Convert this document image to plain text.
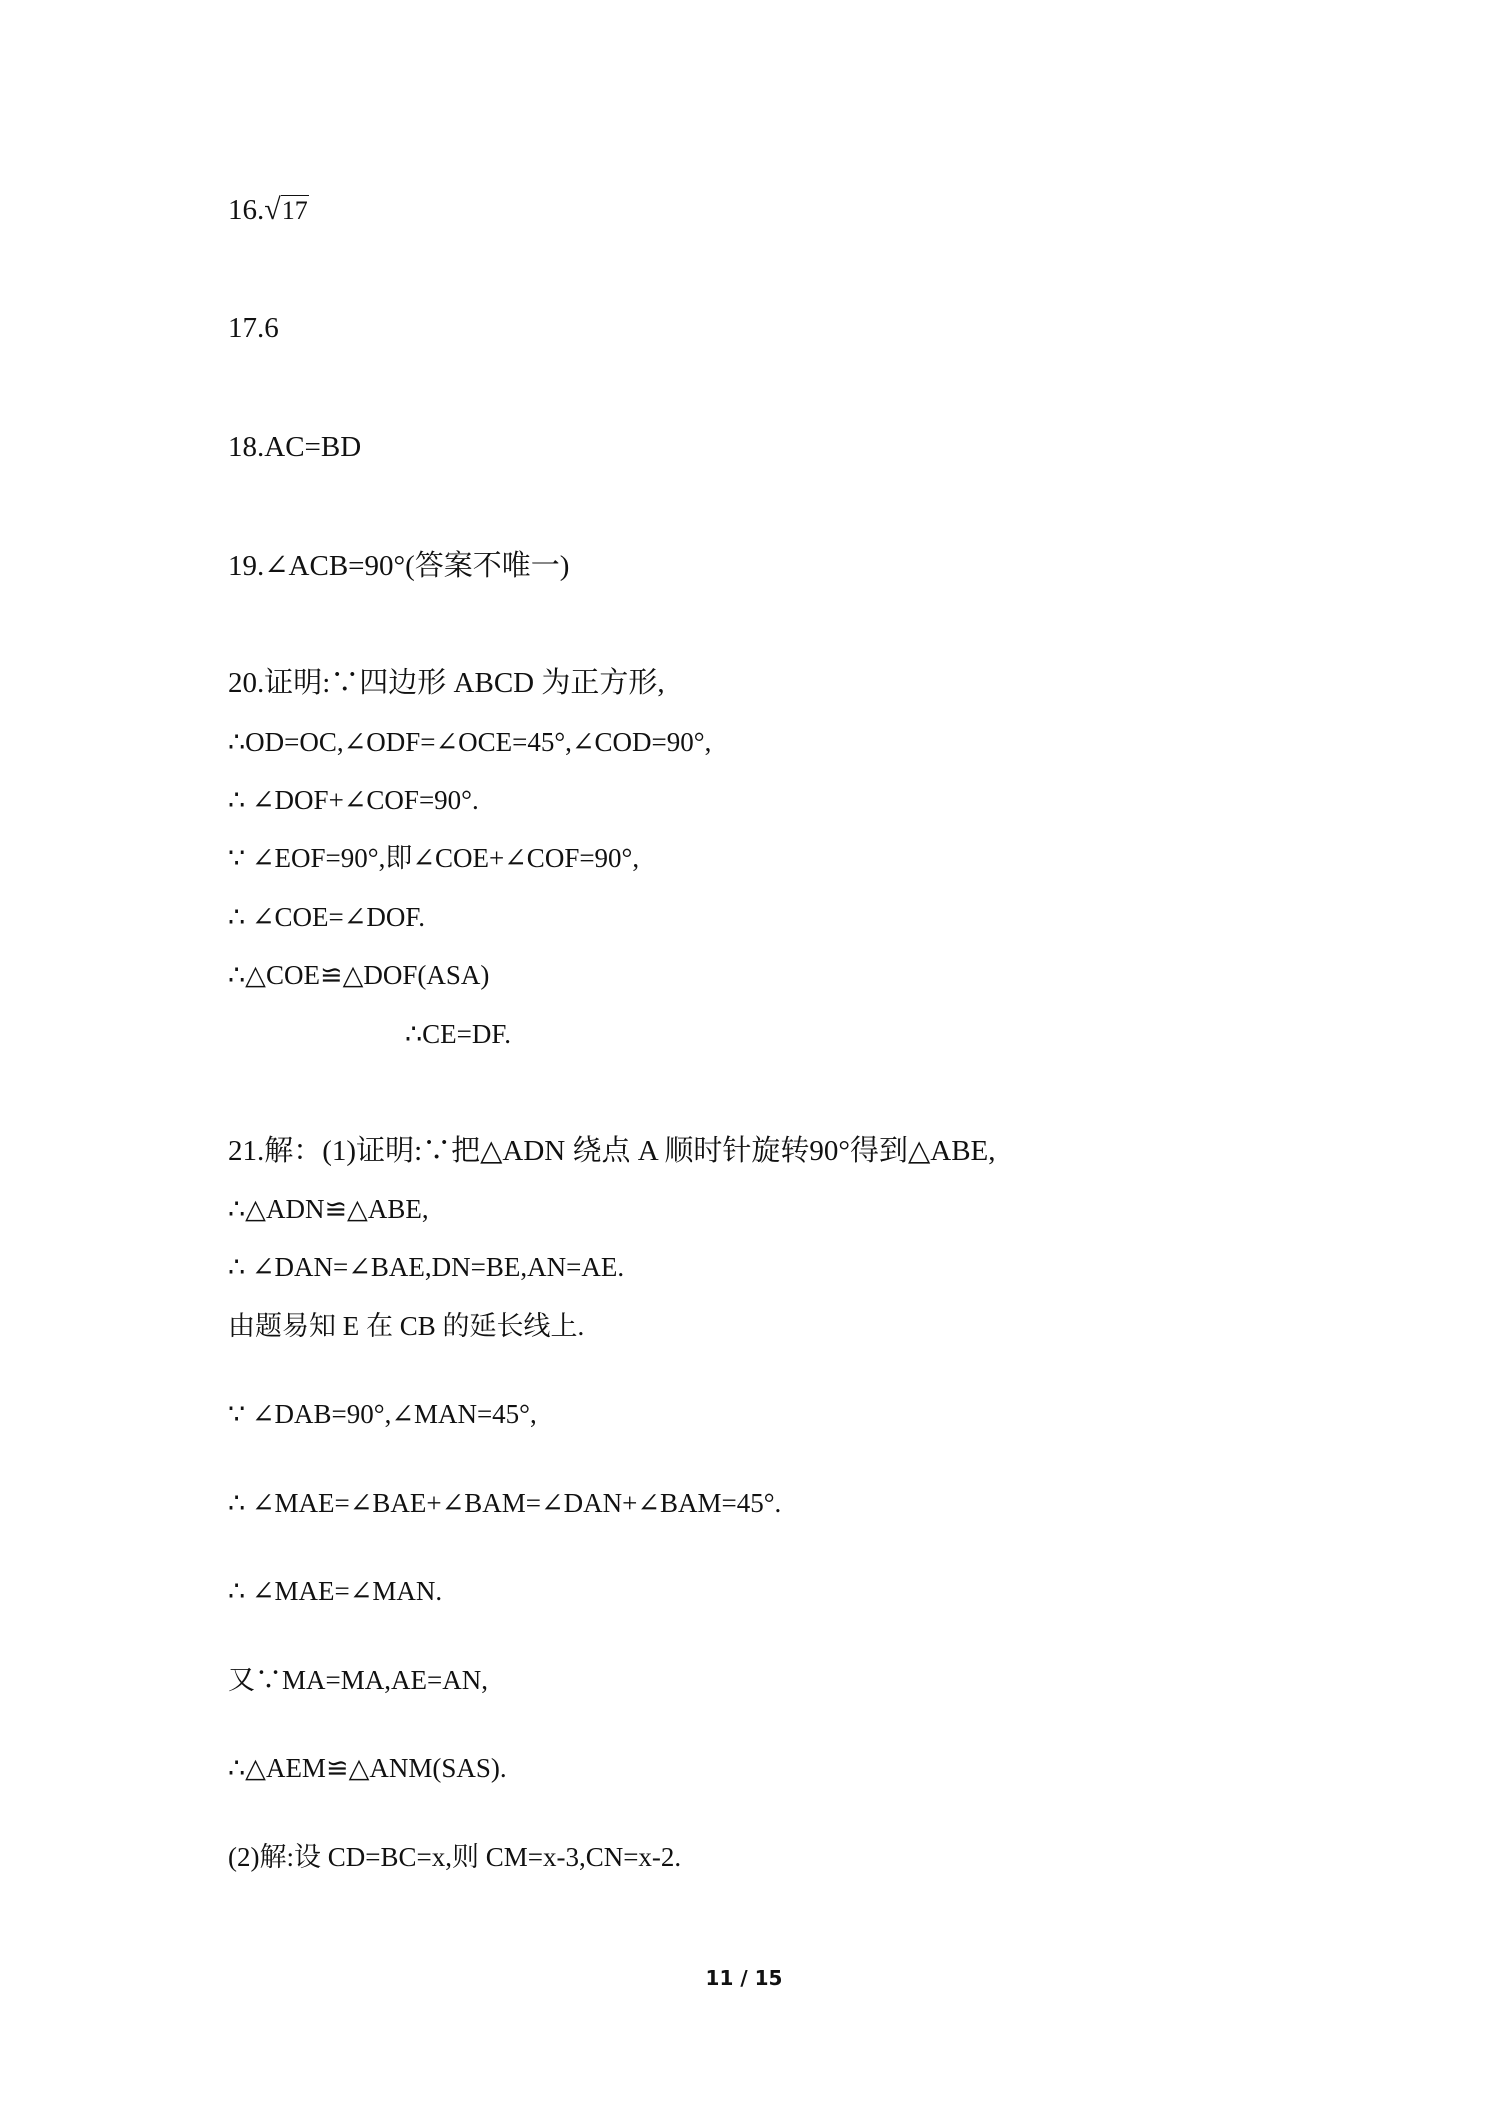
16.√17
17.6
18.AC=BD
19.∠ACB=90°(答案不唯一)
20.证明:∵四边形 ABCD 为正方形,
∴OD=OC,∠ODF=∠OCE=45°,∠COD=90°,
∴ ∠DOF+∠COF=90°.
∵ ∠EOF=90°,即∠COE+∠COF=90°,
∴ ∠COE=∠DOF.
∴△COE≌△DOF(ASA)
∴CE=DF.
21.解：(1)证明:∵把△ADN 绕点 A 顺时针旋转90°得到△ABE,
∴△ADN≌△ABE,
∴ ∠DAN=∠BAE,DN=BE,AN=AE.
由题易知 E 在 CB 的延长线上.
∵ ∠DAB=90°,∠MAN=45°,
∴ ∠MAE=∠BAE+∠BAM=∠DAN+∠BAM=45°.
∴ ∠MAE=∠MAN.
又∵MA=MA,AE=AN,
∴△AEM≌△ANM(SAS).
(2)解:设 CD=BC=x,则 CM=x-3,CN=x-2.
11 / 15
